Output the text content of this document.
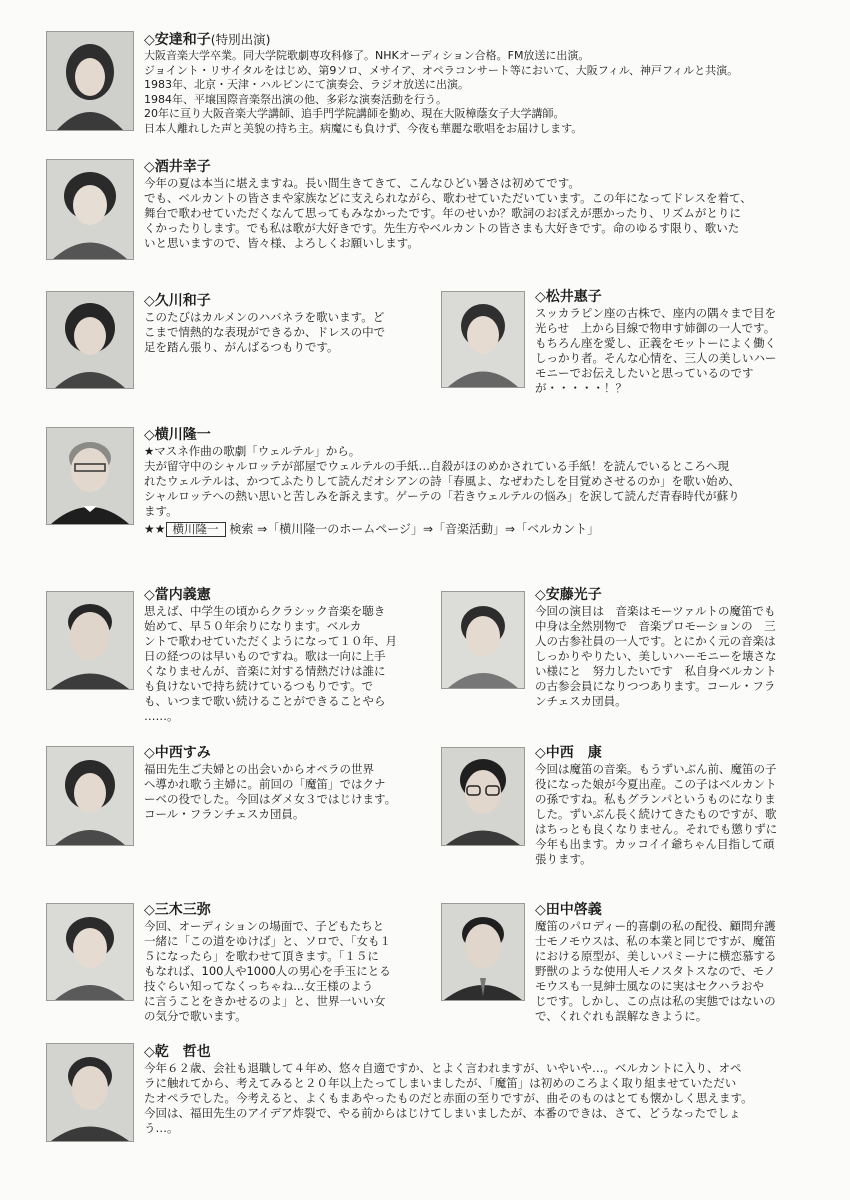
◇安達和子(特別出演)

大阪音楽大学卒業。同大学院歌劇専攻科修了。NHKオーディション合格。FM放送に出演。

ジョイント・リサイタルをはじめ、第9ソロ、メサイア、オペラコンサート等において、大阪フィル、神戸フィルと共演。

1983年、北京・天津・ハルビンにて演奏会、ラジオ放送に出演。

1984年、平壌国際音楽祭出演の他、多彩な演奏活動を行う。

20年に亘り大阪音楽大学講師、追手門学院講師を勤め、現在大阪樟蔭女子大学講師。

日本人離れした声と美貌の持ち主。病魔にも負けず、今夜も華麗な歌唱をお届けします。

◇酒井幸子

今年の夏は本当に堪えますね。長い間生きてきて、こんなひどい暑さは初めてです。

でも、ベルカントの皆さまや家族などに支えられながら、歌わせていただいています。この年になってドレスを着て、

舞台で歌わせていただくなんて思ってもみなかったです。年のせいか？歌詞のおぼえが悪かったり、リズムがとりに

くかったりします。でも私は歌が大好きです。先生方やベルカントの皆さまも大好きです。命のゆるす限り、歌いた

いと思いますので、皆々様、よろしくお願いします。

◇久川和子

このたびはカルメンのハバネラを歌います。ど

こまで情熱的な表現ができるか、ドレスの中で

足を踏ん張り、がんばるつもりです。

◇松井惠子

スッカラピン座の古株で、座内の隅々まで目を

光らせ　上から目線で物申す姉御の一人です。

もちろん座を愛し、正義をモットーによく働く

しっかり者。そんな心情を、三人の美しいハー

モニーでお伝えしたいと思っているのですが・・・・・！？

◇横川隆一

★マスネ作曲の歌劇「ウェルテル」から。

夫が留守中のシャルロッテが部屋でウェルテルの手紙…自殺がほのめかされている手紙！を読んでいるところへ現

れたウェルテルは、かつてふたりして読んだオシアンの詩「春風よ、なぜわたしを目覚めさせるのか」を歌い始め、

シャルロッテへの熱い思いと苦しみを訴えます。ゲーテの「若きウェルテルの悩み」を涙して読んだ青春時代が蘇り

ます。

★★ 横川隆一 検索 ⇒「横川隆一のホームページ」⇒「音楽活動」⇒「ベルカント」

◇當内義憲

思えば、中学生の頃からクラシック音楽を聴き

始めて、早５０年余りになります。ベルカ

ントで歌わせていただくようになって１０年、月

日の経つのは早いものですね。歌は一向に上手

くなりませんが、音楽に対する情熱だけは誰に

も負けないで持ち続けているつもりです。で

も、いつまで歌い続けることができることやら

……。

◇安藤光子

今回の演目は　音楽はモーツァルトの魔笛でも

中身は全然別物で　音楽プロモーションの　三

人の古参社員の一人です。とにかく元の音楽は

しっかりやりたい、美しいハーモニーを壊さな

い様にと　努力したいです　私自身ベルカント

の古参会員になりつつあります。コール・フラ

ンチェスカ団員。

◇中西すみ

福田先生ご夫婦との出会いからオペラの世界

へ導かれ歌う主婦に。前回の「魔笛」ではクナ

ーベの役でした。今回はダメ女３ではじけます。

コール・フランチェスカ団員。

◇中西　康

今回は魔笛の音楽。もうずいぶん前、魔笛の子

役になった娘が今夏出産。この子はベルカント

の孫ですね。私もグランパというものになりま

した。ずいぶん長く続けてきたものですが、歌

はちっとも良くなりません。それでも懲りずに

今年も出ます。カッコイイ爺ちゃん目指して頑

張ります。

◇三木三弥

今回、オーディションの場面で、子どもたちと

一緒に「この道をゆけば」と、ソロで、「女も１

５になったら」を歌わせて頂きます。「１５に

もなれば、100人や1000人の男心を手玉にとる

技ぐらい知ってなくっちゃね...女王様のよう

に言うことをきかせるのよ」と、世界一いい女

の気分で歌います。

◇田中啓義

魔笛のパロディー的喜劇の私の配役、顧問弁護

士モノモウスは、私の本業と同じですが、魔笛

における原型が、美しいパミーナに横恋慕する

野獣のような使用人モノスタトスなので、モノ

モウスも一見紳士風なのに実はセクハラおや

じです。しかし、この点は私の実態ではないの

で、くれぐれも誤解なきように。

◇乾　哲也

今年６２歳、会社も退職して４年め、悠々自適ですか、とよく言われますが、いやいや…。ベルカントに入り、オペ

ラに触れてから、考えてみると２０年以上たってしまいましたが、「魔笛」は初めのころよく取り組ませていただい

たオペラでした。今考えると、よくもまあやったものだと赤面の至りですが、曲そのものはとても懐かしく思えます。

今回は、福田先生のアイデア炸裂で、やる前からはじけてしまいましたが、本番のできは、さて、どうなったでしょ

う…。
